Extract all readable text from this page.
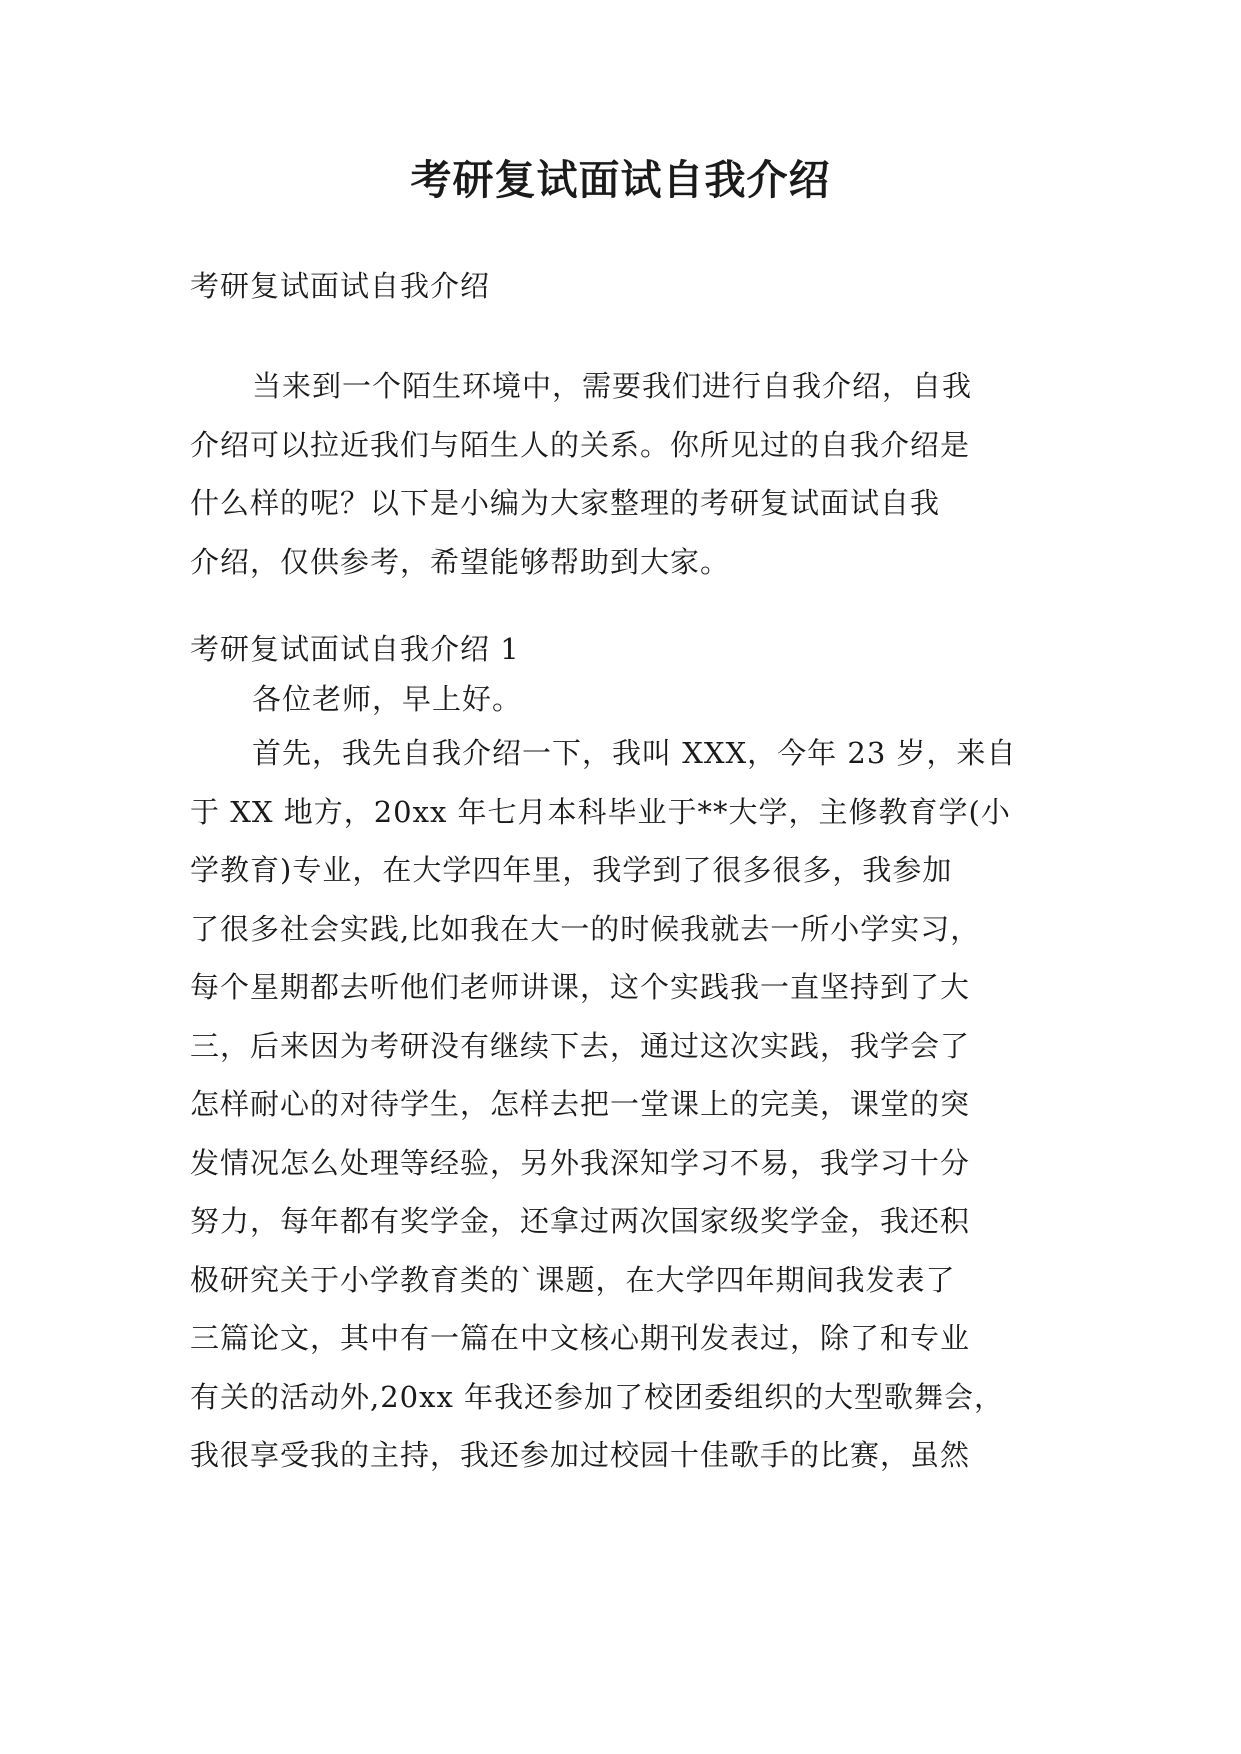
考研复试面试自我介绍
考研复试面试自我介绍
当来到一个陌生环境中，需要我们进行自我介绍，自我
介绍可以拉近我们与陌生人的关系。你所见过的自我介绍是
什么样的呢？以下是小编为大家整理的考研复试面试自我
介绍，仅供参考，希望能够帮助到大家。
考研复试面试自我介绍 1
各位老师，早上好。
首先，我先自我介绍一下，我叫 XXX，今年 23 岁，来自
于 XX 地方，20xx 年七月本科毕业于**大学，主修教育学(小
学教育)专业，在大学四年里，我学到了很多很多，我参加
了很多社会实践,比如我在大一的时候我就去一所小学实习，
每个星期都去听他们老师讲课，这个实践我一直坚持到了大
三，后来因为考研没有继续下去，通过这次实践，我学会了
怎样耐心的对待学生，怎样去把一堂课上的完美，课堂的突
发情况怎么处理等经验，另外我深知学习不易，我学习十分
努力，每年都有奖学金，还拿过两次国家级奖学金，我还积
极研究关于小学教育类的`课题，在大学四年期间我发表了
三篇论文，其中有一篇在中文核心期刊发表过，除了和专业
有关的活动外,20xx 年我还参加了校团委组织的大型歌舞会，
我很享受我的主持，我还参加过校园十佳歌手的比赛，虽然
